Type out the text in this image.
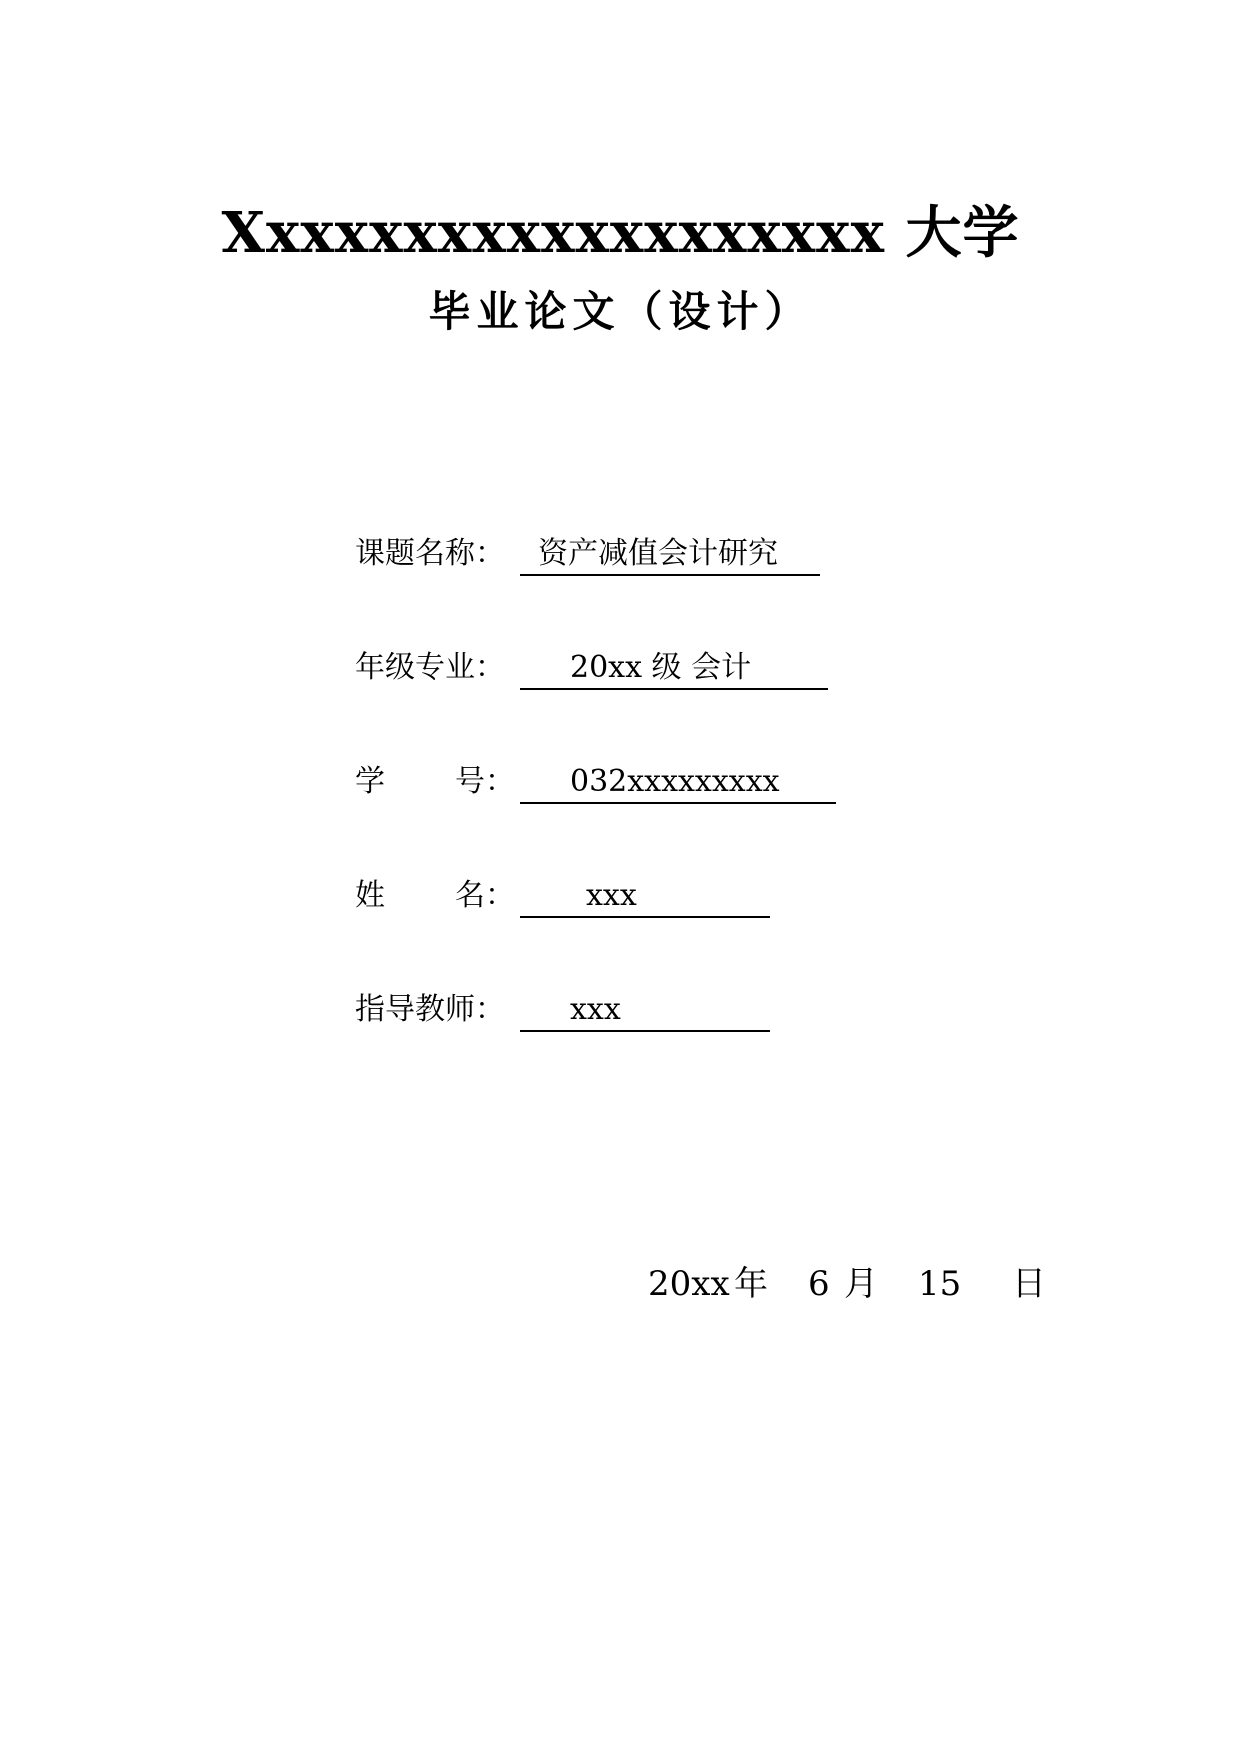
Xxxxxxxxxxxxxxxxxxx 大学
毕业论文（设计）
课题名称：	资产减值会计研究
年级专业：	20xx 级 会计
学 号： 032xxxxxxxxx
姓 名： xxx
指导教师：	xxx
20xx 年 6 月 15 日
